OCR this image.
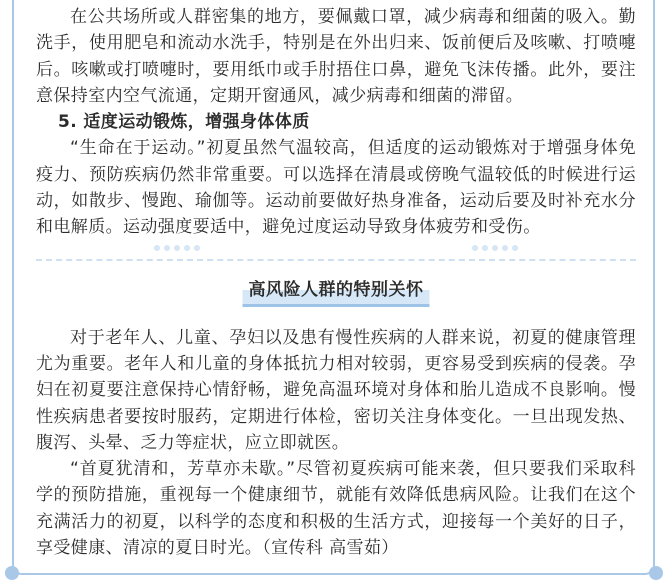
在公共场所或人群密集的地方，要佩戴口罩，减少病毒和细菌的吸入。勤洗手，使用肥皂和流动水洗手，特别是在外出归来、饭前便后及咳嗽、打喷嚏后。咳嗽或打喷嚏时，要用纸巾或手肘捂住口鼻，避免飞沫传播。此外，要注意保持室内空气流通，定期开窗通风，减少病毒和细菌的滞留。

5. 适度运动锻炼，增强身体体质

“生命在于运动。”初夏虽然气温较高，但适度的运动锻炼对于增强身体免疫力、预防疾病仍然非常重要。可以选择在清晨或傍晚气温较低的时候进行运动，如散步、慢跑、瑜伽等。运动前要做好热身准备，运动后要及时补充水分和电解质。运动强度要适中，避免过度运动导致身体疲劳和受伤。

高风险人群的特别关怀

对于老年人、儿童、孕妇以及患有慢性疾病的人群来说，初夏的健康管理尤为重要。老年人和儿童的身体抵抗力相对较弱，更容易受到疾病的侵袭。孕妇在初夏要注意保持心情舒畅，避免高温环境对身体和胎儿造成不良影响。慢性疾病患者要按时服药，定期进行体检，密切关注身体变化。一旦出现发热、腹泻、头晕、乏力等症状，应立即就医。

“首夏犹清和，芳草亦未歇。”尽管初夏疾病可能来袭，但只要我们采取科学的预防措施，重视每一个健康细节，就能有效降低患病风险。让我们在这个充满活力的初夏，以科学的态度和积极的生活方式，迎接每一个美好的日子，享受健康、清凉的夏日时光。（宣传科 高雪茹）
